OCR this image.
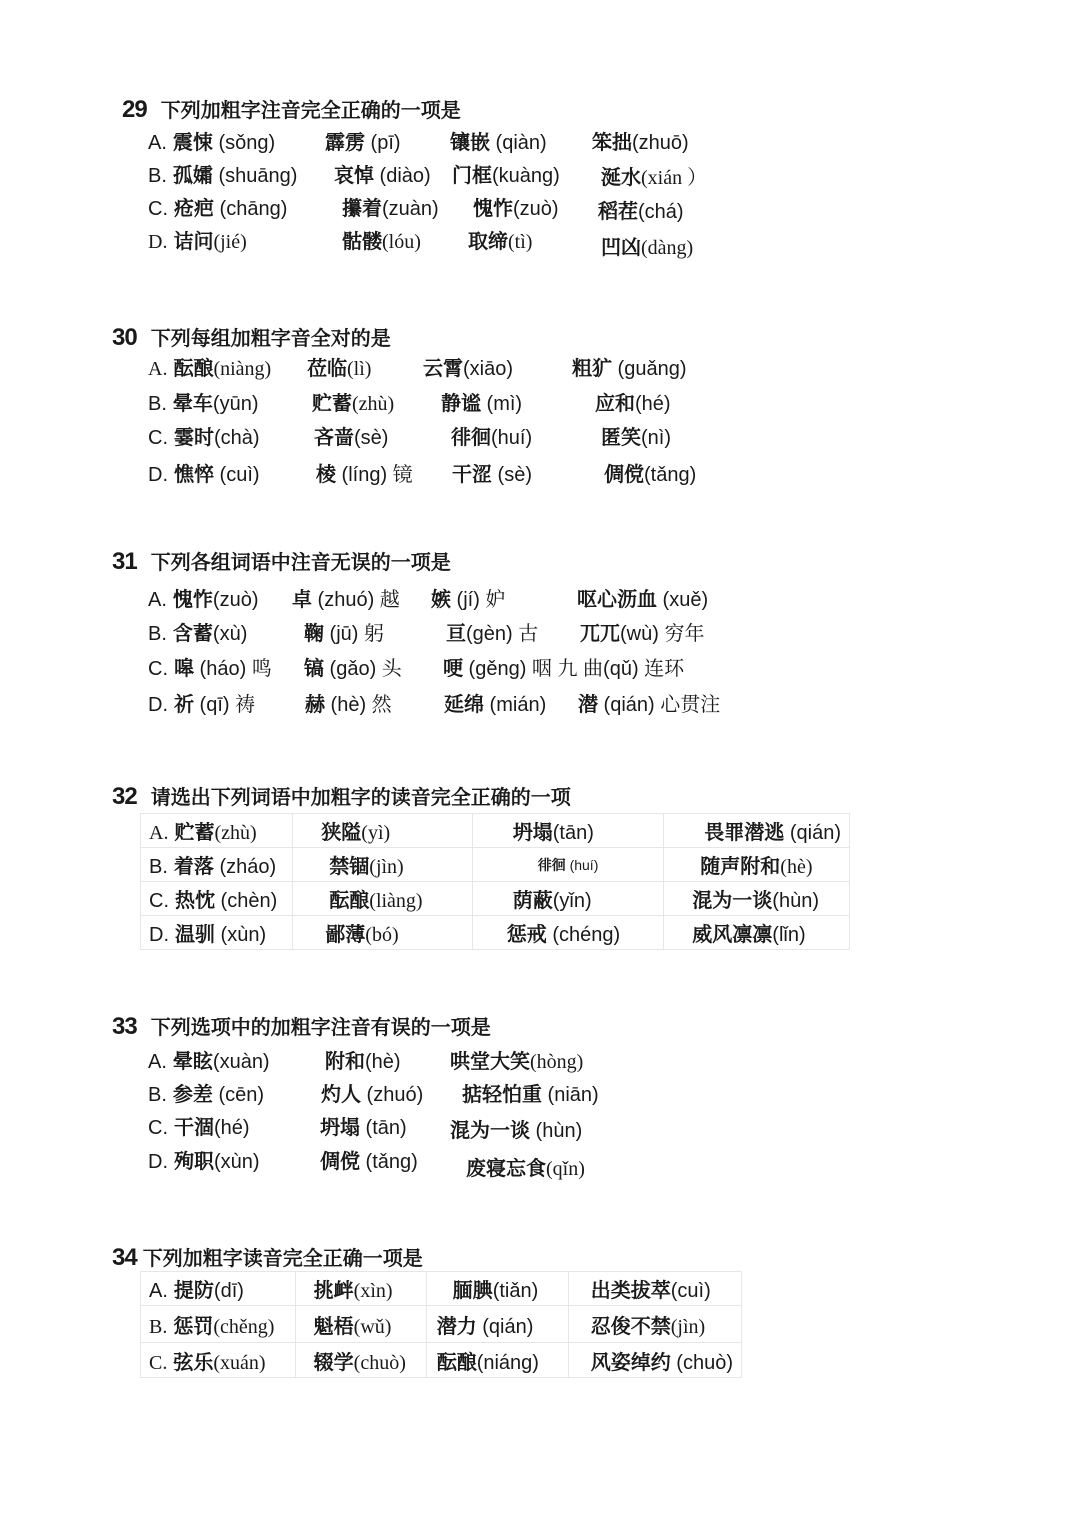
29 下列加粗字注音完全正确的一项是
A. 震悚 (sǒng) 霹雳 (pī) 镶嵌 (qiàn) 笨拙(zhuō)
B. 孤孀 (shuāng) 哀悼 (diào) 门框(kuàng) 涎水(xián ）
C. 疮疤 (chāng)	攥着(zuàn) 愧怍(zuò) 稻茬(chá)
D. 诘问(jié)	骷髅(lóu) 取缔(tì)	凹凶(dàng)
30 下列每组加粗字音全对的是
A. 酝酿(niàng) 莅临(lì)	云霄(xiāo)	粗犷 (guǎng)
B. 晕车(yūn)	贮蓄(zhù) 静谧 (mì)	应和(hé)
C. 霎时(chà)	吝啬(sè)	徘徊(huí)	匿笑(nì)
D. 憔悴 (cuì)	棱 (líng) 镜 干涩 (sè)	倜傥(tǎng)
31 下列各组词语中注音无误的一项是
A. 愧怍(zuò) 卓 (zhuó) 越 嫉 (jí) 妒	呕心沥血 (xuě)
B. 含蓄(xù)	鞠 (jū) 躬	亘(gèn) 古 兀兀(wù) 穷年
C. 嗥 (háo) 鸣 镐 (gǎo) 头 哽 (gěng) 咽 九 曲(qǔ) 连环
D. 祈 (qī) 祷 赫 (hè) 然	延绵 (mián) 潜 (qián) 心贯注
32 请选出下列词语中加粗字的读音完全正确的一项
A. 贮蓄(zhù)	狭隘(yì)	坍塌(tān)	畏罪潜逃 (qián)
B. 着落 (zháo)	禁锢(jìn)	徘徊 (huí)	随声附和(hè)
C. 热忱 (chèn)	酝酿(liàng)	荫蔽(yǐn)	混为一谈(hùn)
D. 温驯 (xùn)	鄙薄(bó)	惩戒 (chéng)	威风凛凛(lǐn)
33 下列选项中的加粗字注音有误的一项是
A. 晕眩(xuàn)	附和(hè) 哄堂大笑(hòng)
B. 参差 (cēn)	灼人 (zhuó) 掂轻怕重 (niān)
C. 干涸(hé)	坍塌 (tān) 混为一谈 (hùn)
D. 殉职(xùn)	倜傥 (tǎng) 废寝忘食(qǐn)
34 下列加粗字读音完全正确一项是
A. 提防(dī)	挑衅(xìn)	腼腆(tiǎn)	出类拔萃(cuì)
B. 惩罚(chěng)	魁梧(wǔ)	潜力 (qián)	忍俊不禁(jìn)
C. 弦乐(xuán)	辍学(chuò)	酝酿(niáng)	风姿绰约 (chuò)
